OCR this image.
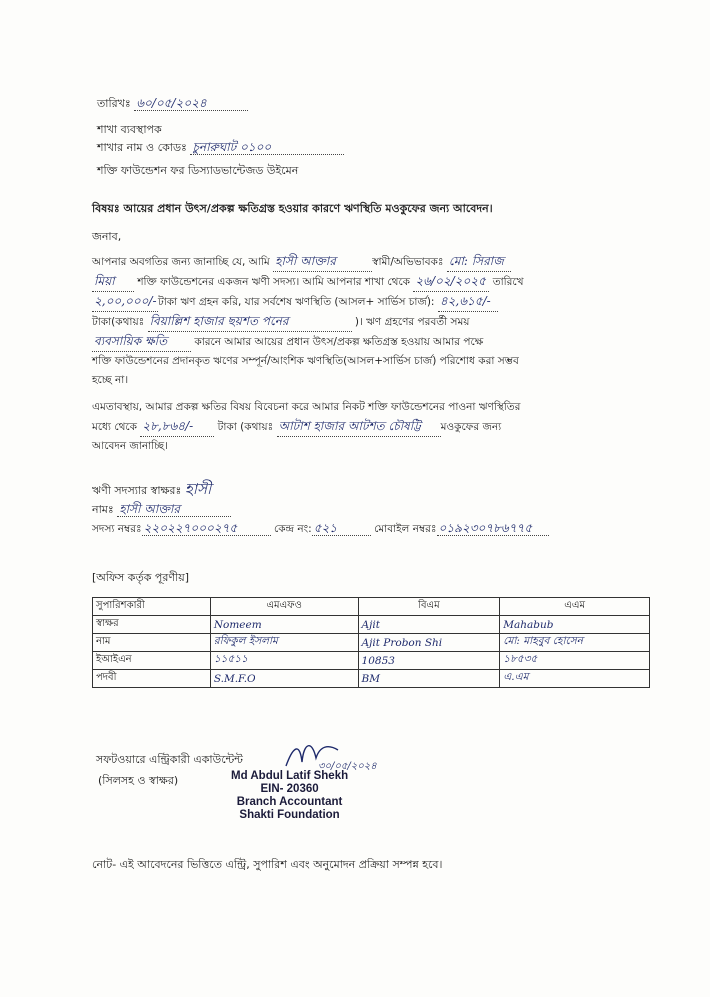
তারিখঃ ৬০/০৫/২০২৪
শাখা ব্যবস্থাপক
শাখার নাম ও কোডঃ চুনারুঘাট ০১০০
শক্তি ফাউন্ডেশন ফর ডিস্যাডভান্টেজড উইমেন
বিষয়ঃ আয়ের প্রধান উৎস/প্রকল্প ক্ষতিগ্রস্ত হওয়ার কারণে ঋণস্থিতি মওকুফের জন্য আবেদন।
জনাব,
আপনার অবগতির জন্য জানাচ্ছি যে, আমি হাসী আক্তার	স্বামী/অভিভাবকঃ মো: সিরাজ
মিয়া শক্তি ফাউন্ডেশনের একজন ঋণী সদস্য। আমি আপনার শাখা থেকে ২৬/০২/২০২৫ তারিখে
২,০০,০০০/-টাকা ঋণ গ্রহন করি, যার সর্বশেষ ঋণস্থিতি (আসল+ সার্ভিস চার্জ): ৪২,৬১৫/-
টাকা(কথায়ঃ বিয়াল্লিশ হাজার ছয়শত পনের	)। ঋণ গ্রহণের পরবর্তী সময়
ব্যবসায়িক ক্ষতি	কারনে আমার আয়ের প্রধান উৎস/প্রকল্প ক্ষতিগ্রস্ত হওয়ায় আমার পক্ষে
শক্তি ফাউন্ডেশনের প্রদানকৃত ঋণের সম্পূর্ন/আংশিক ঋণস্থিতি(আসল+সার্ভিস চার্জ) পরিশোধ করা সম্ভব
হচ্ছে না।
এমতাবস্থায়, আমার প্রকল্প ক্ষতির বিষয় বিবেচনা করে আমার নিকট শক্তি ফাউন্ডেশনের পাওনা ঋণস্থিতির
মধ্যে থেকে ২৮,৮৬৪/- টাকা (কথায়ঃ আটাশ হাজার আটশত চৌষট্টি মওকুফের জন্য
আবেদন জানাচ্ছি।
ঋণী সদস্যার স্বাক্ষরঃ হাসী
নামঃ হাসী আক্তার
সদস্য নম্বরঃ ২২০২২৭০০০২৭৫	কেন্দ্র নং: ৫২১	মোবাইল নম্বরঃ ০১৯২৩০৭৮৬৭৭৫
[অফিস কর্তৃক পূরণীয়]
সুপারিশকারী	এমএফও	বিএম	এএম
স্বাক্ষর	Nomeem	Ajit	Mahabub
নাম	রফিকুল ইসলাম	Ajit Probon Shi	মো: মাহবুব হোসেন
ইআইএন	১১৫১১	10853	১৮৫৩৫
পদবী	S.M.F.O	BM	এ.এম
সফটওয়ারে এন্ট্রিকারী একাউন্টেন্ট
(সিলসহ ও স্বাক্ষর)
৩০/০৫/২০২৪
Md Abdul Latif Shekh
EIN- 20360
Branch Accountant
Shakti Foundation
নোট- এই আবেদনের ভিত্তিতে এন্ট্রি, সুপারিশ এবং অনুমোদন প্রক্রিয়া সম্পন্ন হবে।
